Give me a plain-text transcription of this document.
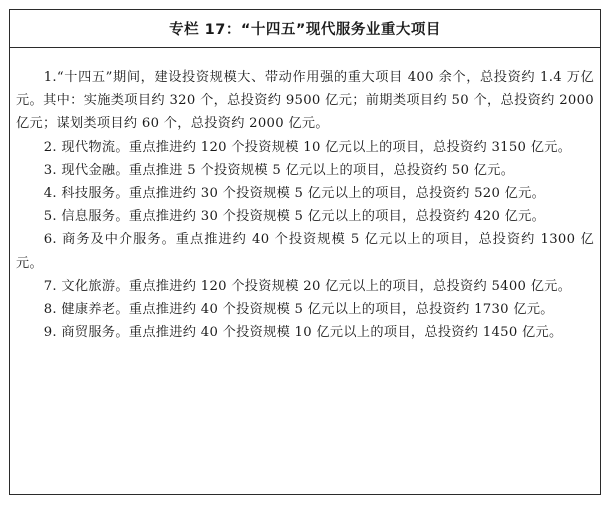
专栏 17：“十四五”现代服务业重大项目

1.“十四五”期间，建设投资规模大、带动作用强的重大项目 400 余个，总投资约 1.4 万亿元。其中：实施类项目约 320 个，总投资约 9500 亿元；前期类项目约 50 个，总投资约 2000 亿元；谋划类项目约 60 个，总投资约 2000 亿元。

2. 现代物流。重点推进约 120 个投资规模 10 亿元以上的项目，总投资约 3150 亿元。

3. 现代金融。重点推进 5 个投资规模 5 亿元以上的项目，总投资约 50 亿元。

4. 科技服务。重点推进约 30 个投资规模 5 亿元以上的项目，总投资约 520 亿元。

5. 信息服务。重点推进约 30 个投资规模 5 亿元以上的项目，总投资约 420 亿元。

6. 商务及中介服务。重点推进约 40 个投资规模 5 亿元以上的项目，总投资约 1300 亿元。

7. 文化旅游。重点推进约 120 个投资规模 20 亿元以上的项目，总投资约 5400 亿元。

8. 健康养老。重点推进约 40 个投资规模 5 亿元以上的项目，总投资约 1730 亿元。

9. 商贸服务。重点推进约 40 个投资规模 10 亿元以上的项目，总投资约 1450 亿元。
